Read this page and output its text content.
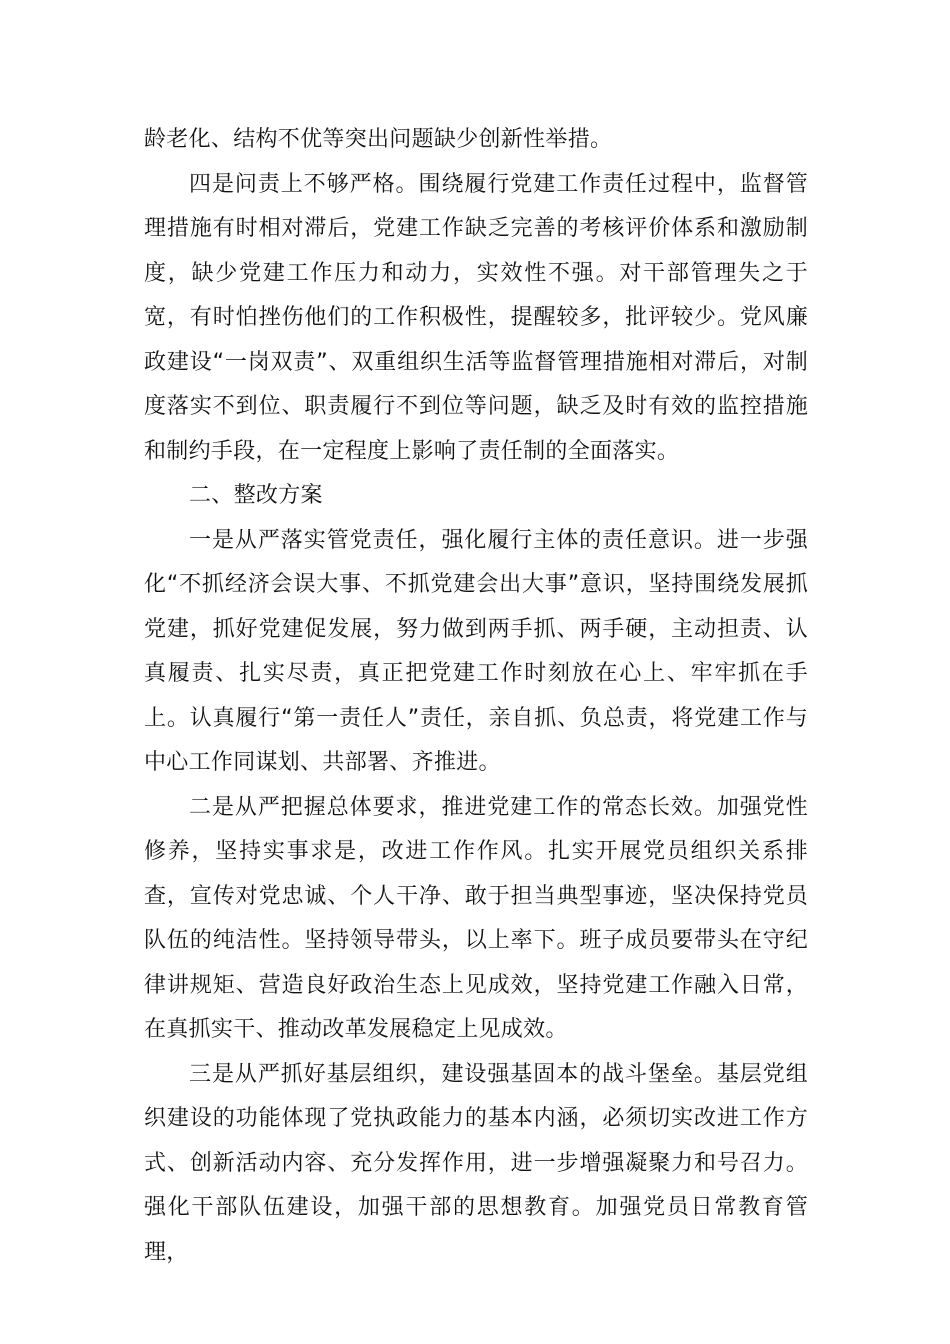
龄老化、结构不优等突出问题缺少创新性举措。

四是问责上不够严格。围绕履行党建工作责任过程中，监督管理措施有时相对滞后，党建工作缺乏完善的考核评价体系和激励制度，缺少党建工作压力和动力，实效性不强。对干部管理失之于宽，有时怕挫伤他们的工作积极性，提醒较多，批评较少。党风廉政建设“一岗双责”、双重组织生活等监督管理措施相对滞后，对制度落实不到位、职责履行不到位等问题，缺乏及时有效的监控措施和制约手段，在一定程度上影响了责任制的全面落实。

二、整改方案

一是从严落实管党责任，强化履行主体的责任意识。进一步强化“不抓经济会误大事、不抓党建会出大事”意识，坚持围绕发展抓党建，抓好党建促发展，努力做到两手抓、两手硬，主动担责、认真履责、扎实尽责，真正把党建工作时刻放在心上、牢牢抓在手上。认真履行“第一责任人”责任，亲自抓、负总责，将党建工作与中心工作同谋划、共部署、齐推进。

二是从严把握总体要求，推进党建工作的常态长效。加强党性修养，坚持实事求是，改进工作作风。扎实开展党员组织关系排查，宣传对党忠诚、个人干净、敢于担当典型事迹，坚决保持党员队伍的纯洁性。坚持领导带头，以上率下。班子成员要带头在守纪律讲规矩、营造良好政治生态上见成效，坚持党建工作融入日常，在真抓实干、推动改革发展稳定上见成效。

三是从严抓好基层组织，建设强基固本的战斗堡垒。基层党组织建设的功能体现了党执政能力的基本内涵，必须切实改进工作方式、创新活动内容、充分发挥作用，进一步增强凝聚力和号召力。强化干部队伍建设，加强干部的思想教育。加强党员日常教育管理，
